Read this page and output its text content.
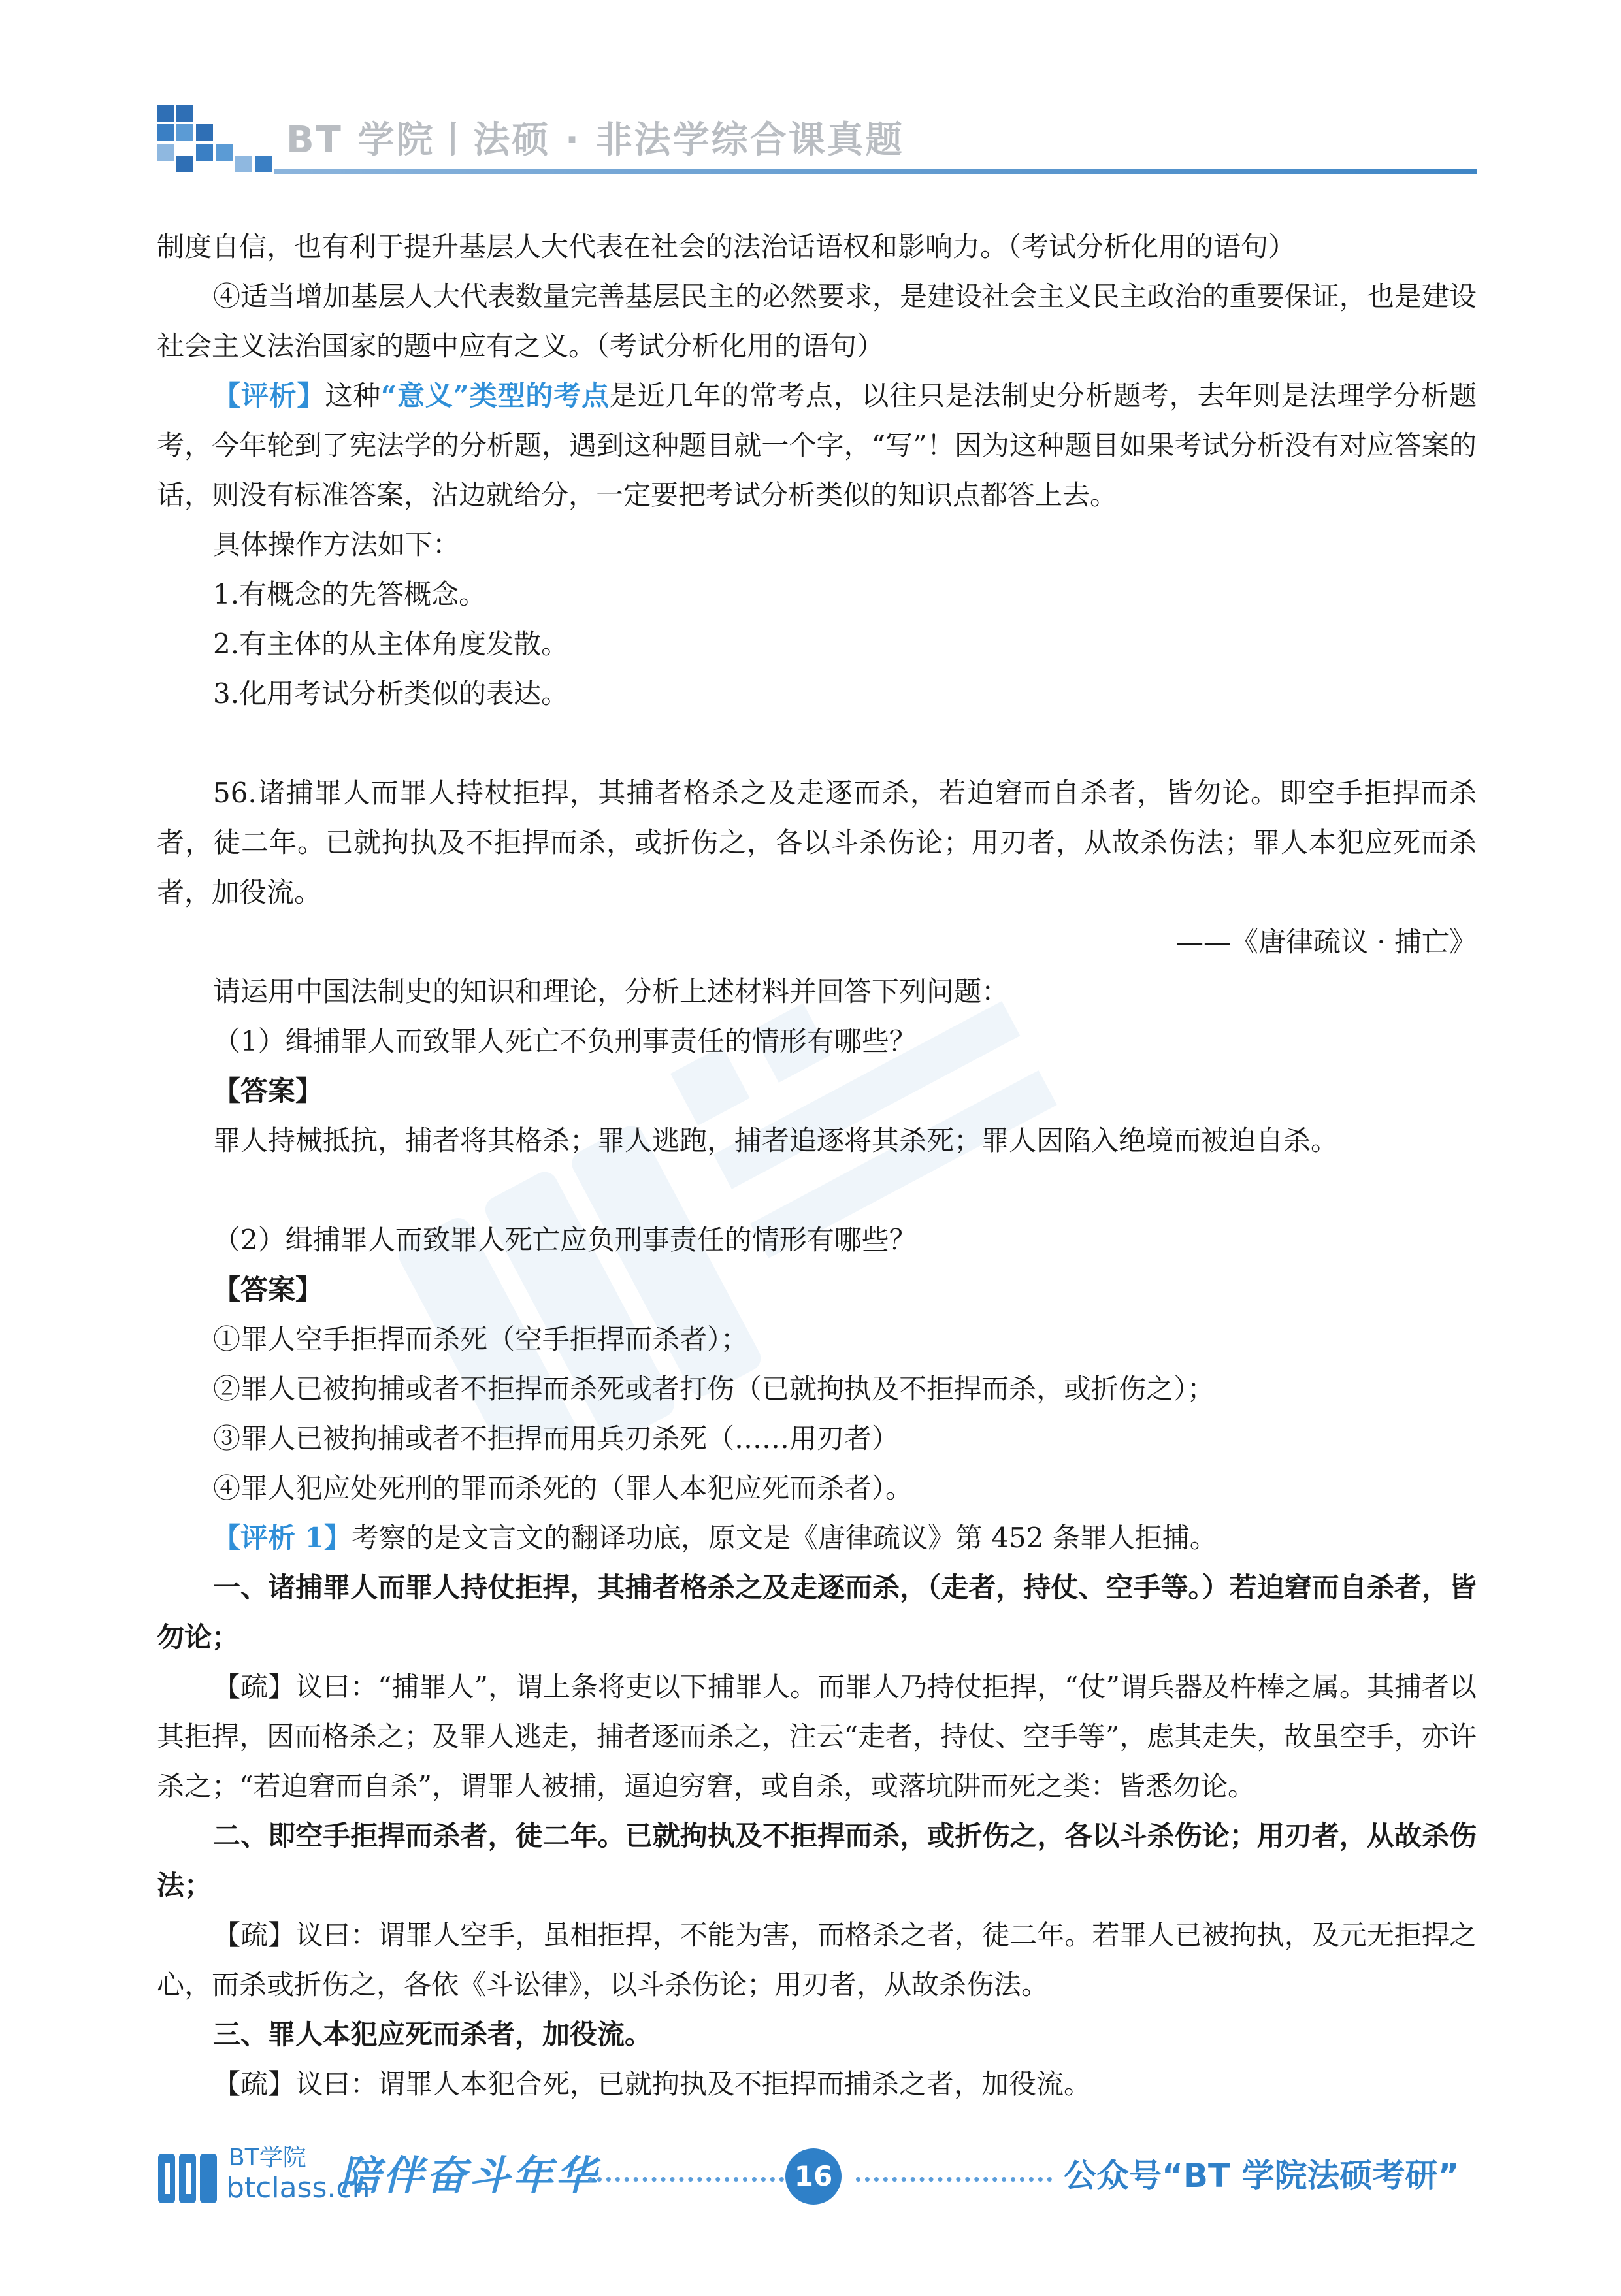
BT 学院丨法硕 · 非法学综合课真题

制度自信，也有利于提升基层人大代表在社会的法治话语权和影响力。（考试分析化用的语句）

④适当增加基层人大代表数量完善基层民主的必然要求，是建设社会主义民主政治的重要保证，也是建设社会主义法治国家的题中应有之义。（考试分析化用的语句）

【评析】这种“意义”类型的考点是近几年的常考点，以往只是法制史分析题考，去年则是法理学分析题考，今年轮到了宪法学的分析题，遇到这种题目就一个字，“写”！因为这种题目如果考试分析没有对应答案的话，则没有标准答案，沾边就给分，一定要把考试分析类似的知识点都答上去。

具体操作方法如下：

1.有概念的先答概念。

2.有主体的从主体角度发散。

3.化用考试分析类似的表达。

56.诸捕罪人而罪人持杖拒捍，其捕者格杀之及走逐而杀，若迫窘而自杀者，皆勿论。即空手拒捍而杀者，徒二年。已就拘执及不拒捍而杀，或折伤之，各以斗杀伤论；用刃者，从故杀伤法；罪人本犯应死而杀者，加役流。

——《唐律疏议 · 捕亡》

请运用中国法制史的知识和理论，分析上述材料并回答下列问题：

（1）缉捕罪人而致罪人死亡不负刑事责任的情形有哪些？

【答案】

罪人持械抵抗，捕者将其格杀；罪人逃跑，捕者追逐将其杀死；罪人因陷入绝境而被迫自杀。

（2）缉捕罪人而致罪人死亡应负刑事责任的情形有哪些？

【答案】

①罪人空手拒捍而杀死（空手拒捍而杀者）；

②罪人已被拘捕或者不拒捍而杀死或者打伤（已就拘执及不拒捍而杀，或折伤之）；

③罪人已被拘捕或者不拒捍而用兵刃杀死（……用刃者）

④罪人犯应处死刑的罪而杀死的（罪人本犯应死而杀者）。

【评析 1】考察的是文言文的翻译功底，原文是《唐律疏议》第 452 条罪人拒捕。

一、诸捕罪人而罪人持仗拒捍，其捕者格杀之及走逐而杀，（走者，持仗、空手等。）若迫窘而自杀者，皆勿论；

【疏】议曰：“捕罪人”，谓上条将吏以下捕罪人。而罪人乃持仗拒捍，“仗”谓兵器及杵棒之属。其捕者以其拒捍，因而格杀之；及罪人逃走，捕者逐而杀之，注云“走者，持仗、空手等”，虑其走失，故虽空手，亦许杀之；“若迫窘而自杀”，谓罪人被捕，逼迫穷窘，或自杀，或落坑阱而死之类：皆悉勿论。

二、即空手拒捍而杀者，徒二年。已就拘执及不拒捍而杀，或折伤之，各以斗杀伤论；用刃者，从故杀伤法；

【疏】议曰：谓罪人空手，虽相拒捍，不能为害，而格杀之者，徒二年。若罪人已被拘执，及元无拒捍之心，而杀或折伤之，各依《斗讼律》，以斗杀伤论；用刃者，从故杀伤法。

三、罪人本犯应死而杀者，加役流。

【疏】议曰：谓罪人本犯合死，已就拘执及不拒捍而捕杀之者，加役流。

BT学院
btclass.cn
陪伴奋斗年华	16	公众号“BT 学院法硕考研”
